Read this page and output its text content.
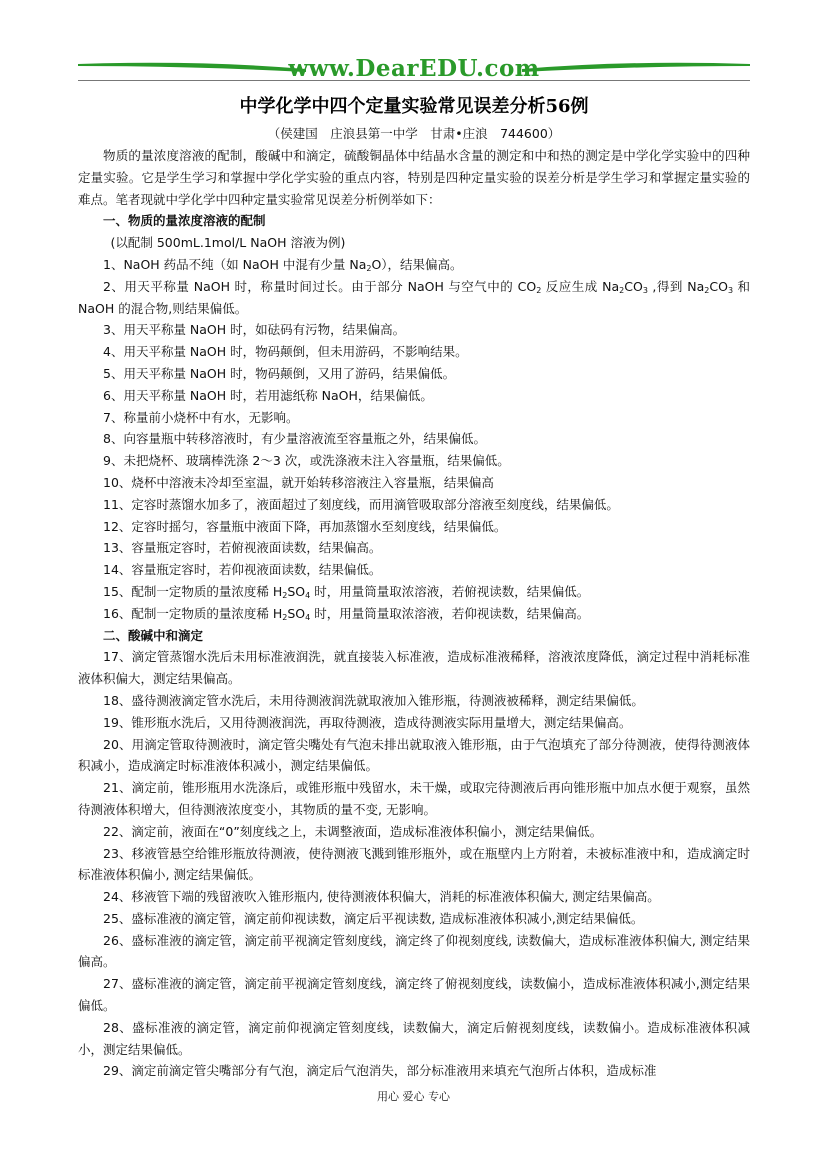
www.DearEDU.com
中学化学中四个定量实验常见误差分析56例
（侯建国　庄浪县第一中学　甘肃•庄浪　744600）

物质的量浓度溶液的配制，酸碱中和滴定，硫酸铜晶体中结晶水含量的测定和中和热的测定是中学化学实验中的四种定量实验。它是学生学习和掌握中学化学实验的重点内容，特别是四种定量实验的误差分析是学生学习和掌握定量实验的难点。笔者现就中学化学中四种定量实验常见误差分析例举如下：

一、物质的量浓度溶液的配制

(以配制 500mL.1mol/L NaOH 溶液为例)

1、NaOH 药品不纯（如 NaOH 中混有少量 $Na_2O$），结果偏高。

2、用天平称量 NaOH 时，称量时间过长。由于部分 NaOH 与空气中的 $CO_2$ 反应生成 $Na_2CO_3$ ,得到 $Na_2CO_3$ 和 NaOH 的混合物,则结果偏低。

3、用天平称量 NaOH 时，如砝码有污物，结果偏高。

4、用天平称量 NaOH 时，物码颠倒，但未用游码，不影响结果。

5、用天平称量 NaOH 时，物码颠倒，又用了游码，结果偏低。

6、用天平称量 NaOH 时，若用滤纸称 NaOH，结果偏低。

7、称量前小烧杯中有水，无影响。

8、向容量瓶中转移溶液时，有少量溶液流至容量瓶之外，结果偏低。

9、未把烧杯、玻璃棒洗涤 2～3 次，或洗涤液未注入容量瓶，结果偏低。

10、烧杯中溶液未冷却至室温，就开始转移溶液注入容量瓶，结果偏高

11、定容时蒸馏水加多了，液面超过了刻度线，而用滴管吸取部分溶液至刻度线，结果偏低。

12、定容时摇匀，容量瓶中液面下降，再加蒸馏水至刻度线，结果偏低。

13、容量瓶定容时，若俯视液面读数，结果偏高。

14、容量瓶定容时，若仰视液面读数，结果偏低。

15、配制一定物质的量浓度稀 $H_2SO_4$ 时，用量筒量取浓溶液，若俯视读数，结果偏低。

16、配制一定物质的量浓度稀 $H_2SO_4$ 时，用量筒量取浓溶液，若仰视读数，结果偏高。

二、酸碱中和滴定

17、滴定管蒸馏水洗后未用标准液润洗，就直接装入标准液，造成标准液稀释，溶液浓度降低，滴定过程中消耗标准液体积偏大，测定结果偏高。

18、盛待测液滴定管水洗后，未用待测液润洗就取液加入锥形瓶，待测液被稀释，测定结果偏低。

19、锥形瓶水洗后，又用待测液润洗，再取待测液，造成待测液实际用量增大，测定结果偏高。

20、用滴定管取待测液时，滴定管尖嘴处有气泡未排出就取液入锥形瓶，由于气泡填充了部分待测液，使得待测液体积减小，造成滴定时标准液体积减小，测定结果偏低。

21、滴定前，锥形瓶用水洗涤后，或锥形瓶中残留水，未干燥，或取完待测液后再向锥形瓶中加点水便于观察，虽然待测液体积增大，但待测液浓度变小，其物质的量不变, 无影响。

22、滴定前，液面在“0”刻度线之上，未调整液面，造成标准液体积偏小，测定结果偏低。

23、移液管悬空给锥形瓶放待测液，使待测液飞溅到锥形瓶外，或在瓶壁内上方附着，未被标准液中和，造成滴定时标准液体积偏小, 测定结果偏低。

24、移液管下端的残留液吹入锥形瓶内, 使待测液体积偏大，消耗的标准液体积偏大, 测定结果偏高。

25、盛标准液的滴定管，滴定前仰视读数，滴定后平视读数, 造成标准液体积减小,测定结果偏低。

26、盛标准液的滴定管，滴定前平视滴定管刻度线，滴定终了仰视刻度线, 读数偏大，造成标准液体积偏大, 测定结果偏高。

27、盛标准液的滴定管，滴定前平视滴定管刻度线，滴定终了俯视刻度线，读数偏小，造成标准液体积减小,测定结果偏低。

28、盛标准液的滴定管，滴定前仰视滴定管刻度线，读数偏大，滴定后俯视刻度线，读数偏小。造成标准液体积减小，测定结果偏低。

29、滴定前滴定管尖嘴部分有气泡，滴定后气泡消失，部分标准液用来填充气泡所占体积，造成标准

用心 爱心 专心
